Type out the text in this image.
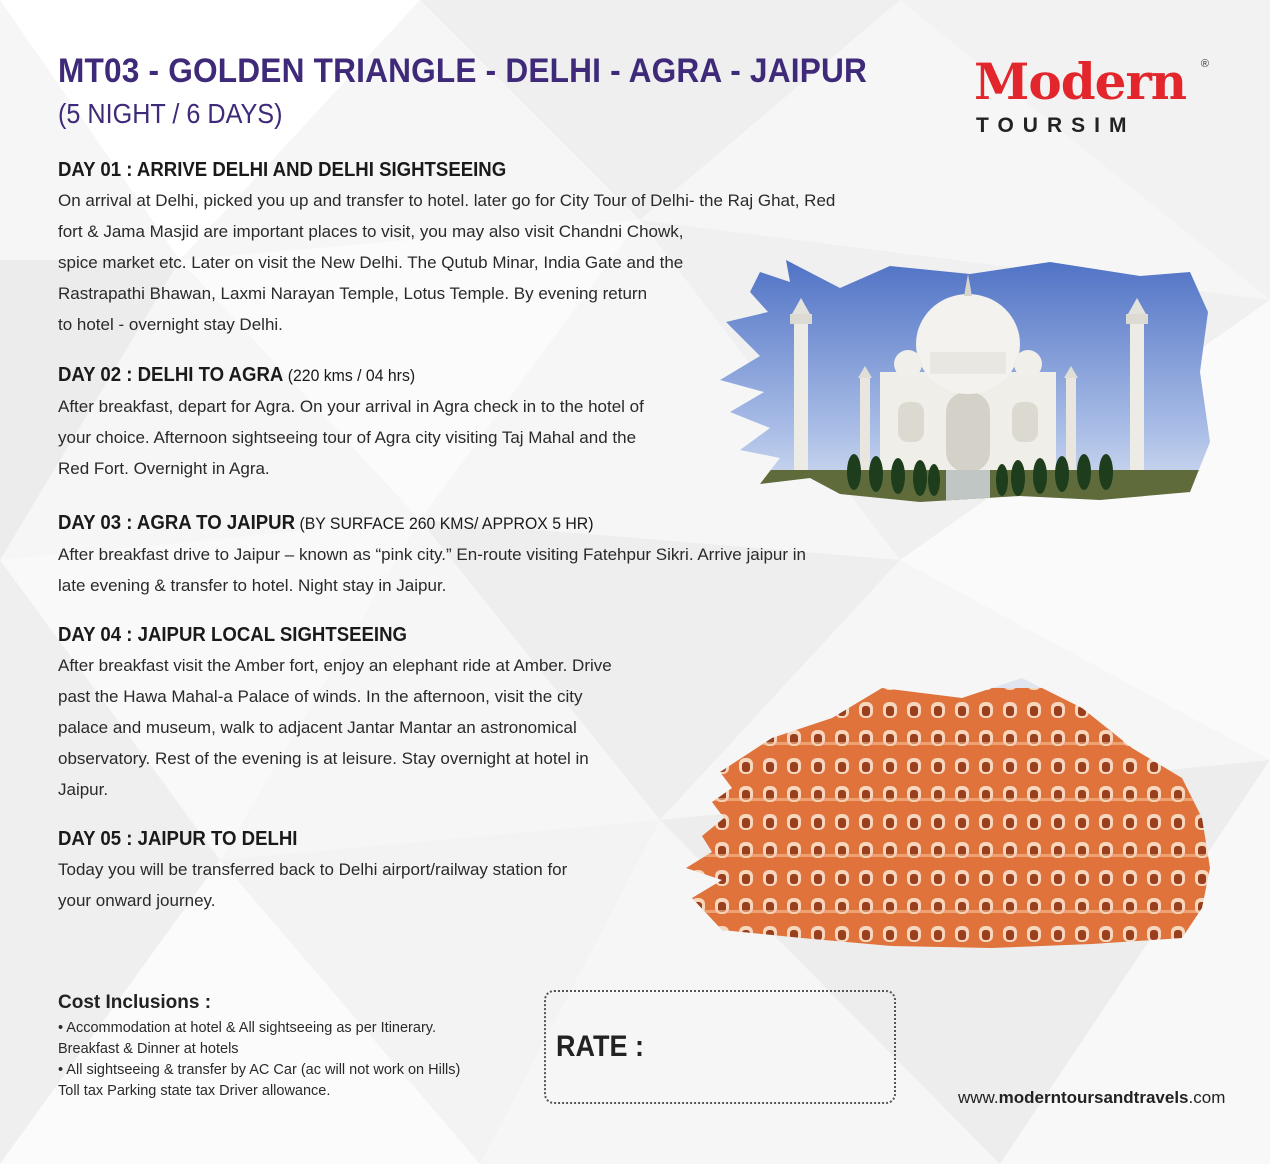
MT03 - GOLDEN TRIANGLE - DELHI - AGRA - JAIPUR
(5 NIGHT / 6 DAYS)
Modern ®
TOURSIM
DAY 01 : ARRIVE DELHI AND DELHI SIGHTSEEING
On arrival at Delhi, picked you up and transfer to hotel. later go for City Tour of Delhi- the Raj Ghat, Red
fort & Jama Masjid are important places to visit, you may also visit Chandni Chowk,
spice market etc. Later on visit the New Delhi. The Qutub Minar, India Gate and the
Rastrapathi Bhawan, Laxmi Narayan Temple, Lotus Temple. By evening return
to hotel - overnight stay Delhi.
DAY 02 : DELHI TO AGRA (220 kms / 04 hrs)
After breakfast, depart for Agra. On your arrival in Agra check in to the hotel of
your choice. Afternoon sightseeing tour of Agra city visiting Taj Mahal and the
Red Fort. Overnight in Agra.
DAY 03 : AGRA TO JAIPUR (BY SURFACE 260 KMS/ APPROX 5 HR)
After breakfast drive to Jaipur – known as “pink city.” En-route visiting Fatehpur Sikri. Arrive jaipur in
late evening & transfer to hotel. Night stay in Jaipur.
DAY 04 : JAIPUR LOCAL SIGHTSEEING
After breakfast visit the Amber fort, enjoy an elephant ride at Amber. Drive
past the Hawa Mahal-a Palace of winds. In the afternoon, visit the city
palace and museum, walk to adjacent Jantar Mantar an astronomical
observatory. Rest of the evening is at leisure. Stay overnight at hotel in
Jaipur.
DAY 05 : JAIPUR TO DELHI
Today you will be transferred back to Delhi airport/railway station for
your onward journey.
Cost Inclusions :
• Accommodation at hotel & All sightseeing as per Itinerary.
Breakfast & Dinner at hotels
• All sightseeing & transfer by AC Car (ac will not work on Hills)
Toll tax Parking state tax Driver allowance.
RATE :
www.moderntoursandtravels.com
